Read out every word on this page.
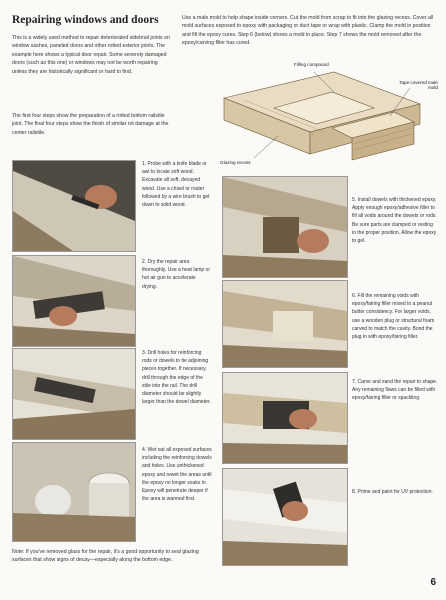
Repairing windows and doors
This is a widely used method to repair deteriorated sidebrail joints on window sashes, paneled doors and other rotted exterior joints. The example here shows a typical door repair. Some severely damaged doors (such as this one) or windows may not be worth repairing unless they are historically significant or hard to find.
The first four steps show the preparation of a rotted bottom railstile joint. The final four steps show the finish of similar rot damage at the center railstile.
Use a male mold to help shape inside corners. Cut the mold from scrap to fit into the glazing recess. Cover all mold surfaces exposed to epoxy with packaging or duct tape or wrap with plastic. Clamp the mold in position and fill the epoxy cures. Step 6 (below) shows a mold in place. Step 7 shows the mold removed after the epoxy/carving filler has cured.
Filling compound
Tape covered male mold
Glazing recess
1. Probe with a knife blade or awl to locate soft wood. Excavate all soft, decayed wood. Use a chisel or router followed by a wire brush to get down to solid wood.
2. Dry the repair area thoroughly. Use a heat lamp or hot air gun to accelerate drying.
3. Drill holes for reinforcing rods or dowels to tie adjoining pieces together. If necessary, drill through the edge of the stile into the rail. The drill diameter should be slightly larger than the dowel diameter.
4. Wet out all exposed surfaces including the reinforcing dowels and holes. Use unthickened epoxy and rewet the areas until the epoxy no longer soaks in. Epoxy will penetrate deeper if the area is warmed first.
5. Install dowels with thickened epoxy. Apply enough epoxy/adhesive filler to fill all voids around the dowels or rods. Be sure parts are clamped or resting in the proper position. Allow the epoxy to gel.
6. Fill the remaining voids with epoxy/fairing filler mixed to a peanut butter consistency. For larger voids, use a wooden plug or structural foam carved to match the cavity. Bond the plug in with epoxy/fairing filler.
7. Carve and sand the repair to shape. Any remaining flaws can be filled with epoxy/fairing filler or spackling.
8. Prime and paint for UV protection.
Note: If you've removed glass for the repair, it's a good opportunity to seal glazing surfaces that show signs of decay—especially along the bottom edge.
6
